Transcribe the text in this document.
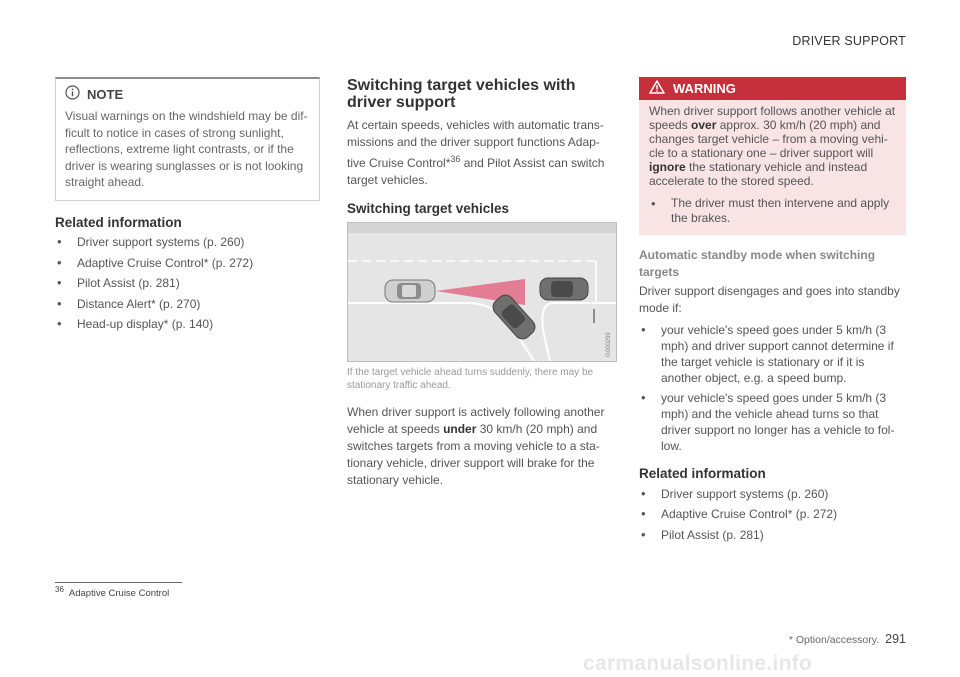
DRIVER SUPPORT
NOTE
Visual warnings on the windshield may be dif-ficult to notice in cases of strong sunlight, reflections, extreme light contrasts, or if the driver is wearing sunglasses or is not looking straight ahead.
Related information
• Driver support systems (p. 260)
• Adaptive Cruise Control* (p. 272)
• Pilot Assist (p. 281)
• Distance Alert* (p. 270)
• Head-up display* (p. 140)
Switching target vehicles with driver support

At certain speeds, vehicles with automatic trans-missions and the driver support functions Adap-tive Cruise Control*$^{36}$ and Pilot Assist can switch target vehicles.

Switching target vehicles
G000299
If the target vehicle ahead turns suddenly, there may be stationary traffic ahead.

When driver support is actively following another vehicle at speeds under 30 km/h (20 mph) and switches targets from a moving vehicle to a sta-tionary vehicle, driver support will brake for the stationary vehicle.

WARNING
When driver support follows another vehicle at speeds over approx. 30 km/h (20 mph) and changes target vehicle – from a moving vehi-cle to a stationary one – driver support will ignore the stationary vehicle and instead accelerate to the stored speed.
• The driver must then intervene and apply the brakes.
Automatic standby mode when switching targets

Driver support disengages and goes into standby mode if:

• your vehicle's speed goes under 5 km/h (3 mph) and driver support cannot determine if the target vehicle is stationary or if it is another object, e.g. a speed bump.
• your vehicle's speed goes under 5 km/h (3 mph) and the vehicle ahead turns so that driver support no longer has a vehicle to fol-low.
Related information
• Driver support systems (p. 260)
• Adaptive Cruise Control* (p. 272)
• Pilot Assist (p. 281)
$^{36}$ Adaptive Cruise Control
* Option/accessory. 291
carmanualsonline.info
